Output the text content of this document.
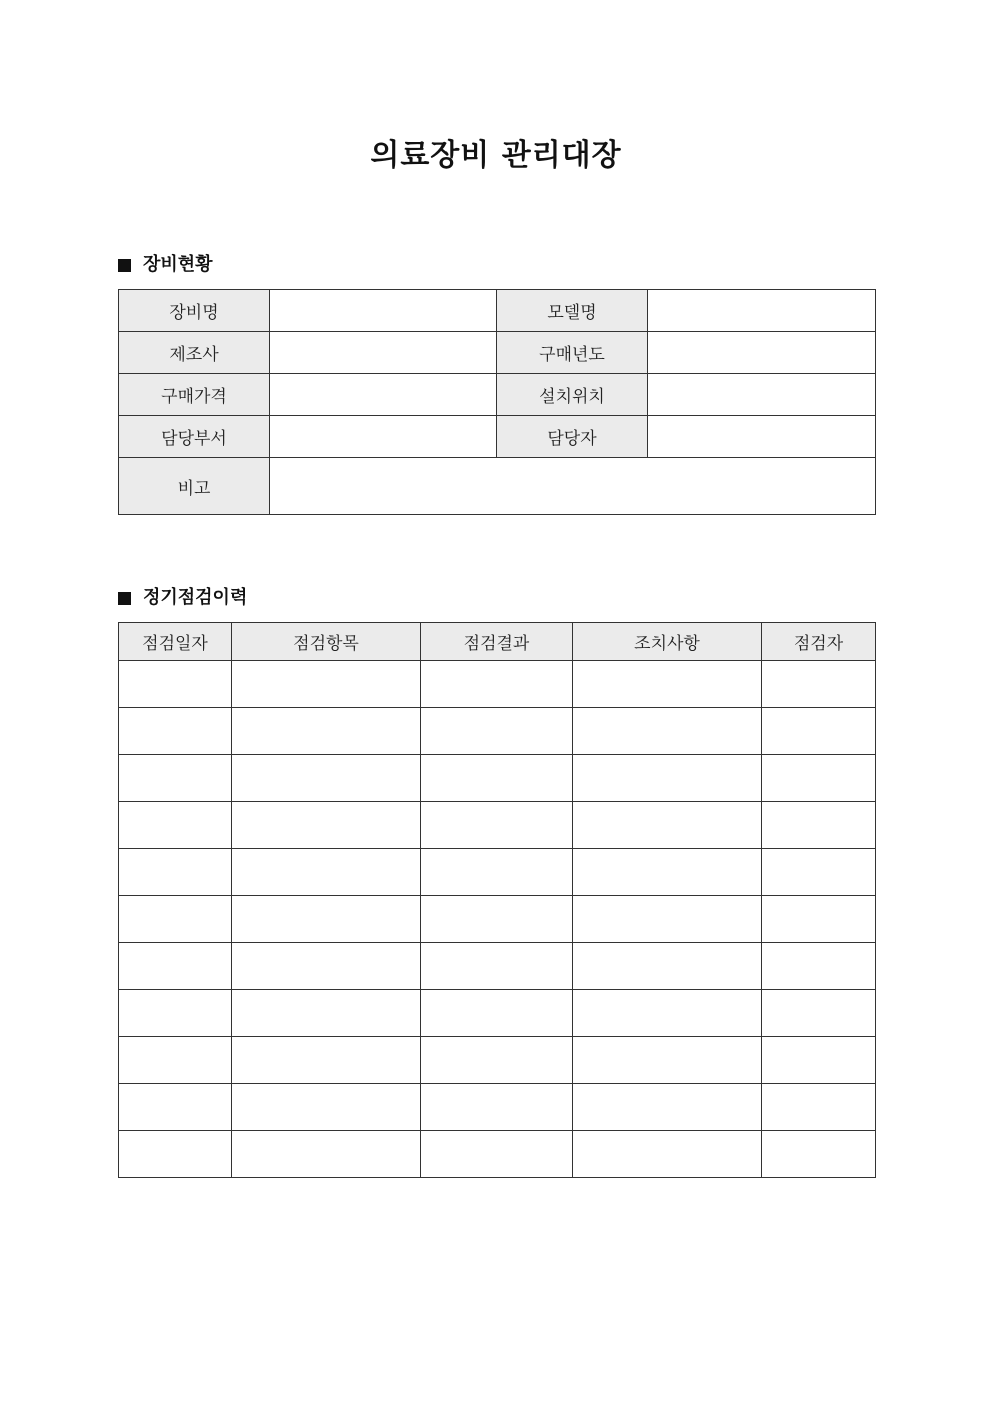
의료장비 관리대장
장비현황
장비명		모델명	
제조사		구매년도	
구매가격		설치위치	
담당부서		담당자	
비고			
정기점검이력
점검일자	점검항목	점검결과	조치사항	점검자
